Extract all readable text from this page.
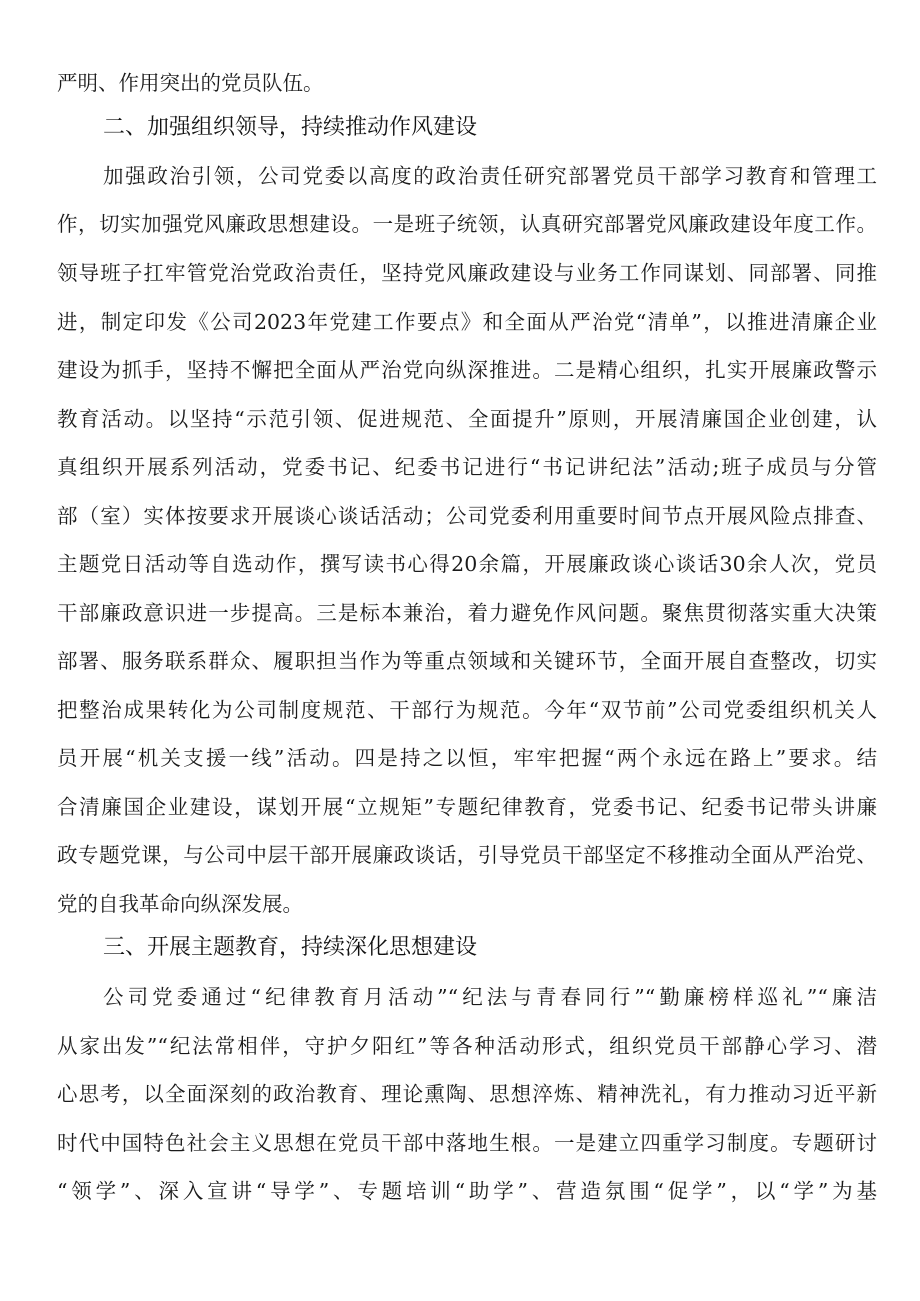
严明、作用突出的党员队伍。
二、加强组织领导，持续推动作风建设
加强政治引领，公司党委以高度的政治责任研究部署党员干部学习教育和管理工
作，切实加强党风廉政思想建设。一是班子统领，认真研究部署党风廉政建设年度工作。
领导班子扛牢管党治党政治责任，坚持党风廉政建设与业务工作同谋划、同部署、同推
进，制定印发《公司2023年党建工作要点》和全面从严治党“清单”，以推进清廉企业
建设为抓手，坚持不懈把全面从严治党向纵深推进。二是精心组织，扎实开展廉政警示
教育活动。以坚持“示范引领、促进规范、全面提升”原则，开展清廉国企业创建，认
真组织开展系列活动，党委书记、纪委书记进行“书记讲纪法”活动;班子成员与分管
部（室）实体按要求开展谈心谈话活动；公司党委利用重要时间节点开展风险点排查、
主题党日活动等自选动作，撰写读书心得20余篇，开展廉政谈心谈话30余人次，党员
干部廉政意识进一步提高。三是标本兼治，着力避免作风问题。聚焦贯彻落实重大决策
部署、服务联系群众、履职担当作为等重点领域和关键环节，全面开展自查整改，切实
把整治成果转化为公司制度规范、干部行为规范。今年“双节前”公司党委组织机关人
员开展“机关支援一线”活动。四是持之以恒，牢牢把握“两个永远在路上”要求。结
合清廉国企业建设，谋划开展“立规矩”专题纪律教育，党委书记、纪委书记带头讲廉
政专题党课，与公司中层干部开展廉政谈话，引导党员干部坚定不移推动全面从严治党、
党的自我革命向纵深发展。
三、开展主题教育，持续深化思想建设
公司党委通过“纪律教育月活动”“纪法与青春同行”“勤廉榜样巡礼”“廉洁
从家出发”“纪法常相伴，守护夕阳红”等各种活动形式，组织党员干部静心学习、潜
心思考，以全面深刻的政治教育、理论熏陶、思想淬炼、精神洗礼，有力推动习近平新
时代中国特色社会主义思想在党员干部中落地生根。一是建立四重学习制度。专题研讨
“领学”、深入宣讲“导学”、专题培训“助学”、营造氛围“促学”，以“学”为基
